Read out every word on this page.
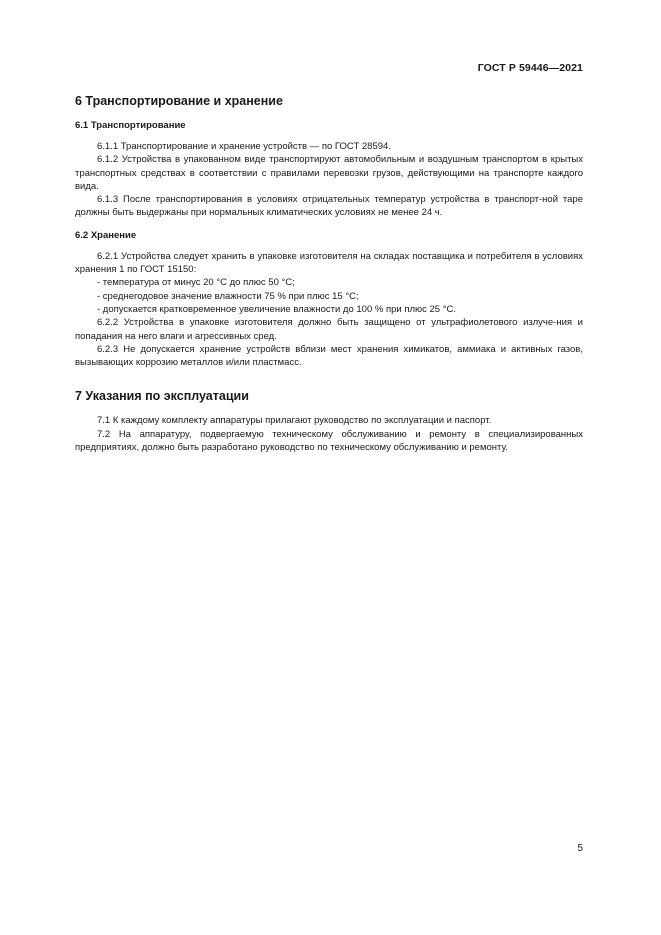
ГОСТ Р 59446—2021
6 Транспортирование и хранение
6.1 Транспортирование

6.1.1 Транспортирование и хранение устройств — по ГОСТ 28594.

6.1.2 Устройства в упакованном виде транспортируют автомобильным и воздушным транспортом в крытых транспортных средствах в соответствии с правилами перевозки грузов, действующими на транспорте каждого вида.

6.1.3 После транспортирования в условиях отрицательных температур устройства в транспорт-ной таре должны быть выдержаны при нормальных климатических условиях не менее 24 ч.

6.2 Хранение

6.2.1 Устройства следует хранить в упаковке изготовителя на складах поставщика и потребителя в условиях хранения 1 по ГОСТ 15150:

- температура от минус 20 °С до плюс 50 °С;

- среднегодовое значение влажности 75 % при плюс 15 °С;

- допускается кратковременное увеличение влажности до 100 % при плюс 25 °С.

6.2.2 Устройства в упаковке изготовителя должно быть защищено от ультрафиолетового излуче-ния и попадания на него влаги и агрессивных сред.

6.2.3 Не допускается хранение устройств вблизи мест хранения химикатов, аммиака и активных газов, вызывающих коррозию металлов и/или пластмасс.

7 Указания по эксплуатации

7.1 К каждому комплекту аппаратуры прилагают руководство по эксплуатации и паспорт.

7.2 На аппаратуру, подвергаемую техническому обслуживанию и ремонту в специализированных предприятиях, должно быть разработано руководство по техническому обслуживанию и ремонту.

5
